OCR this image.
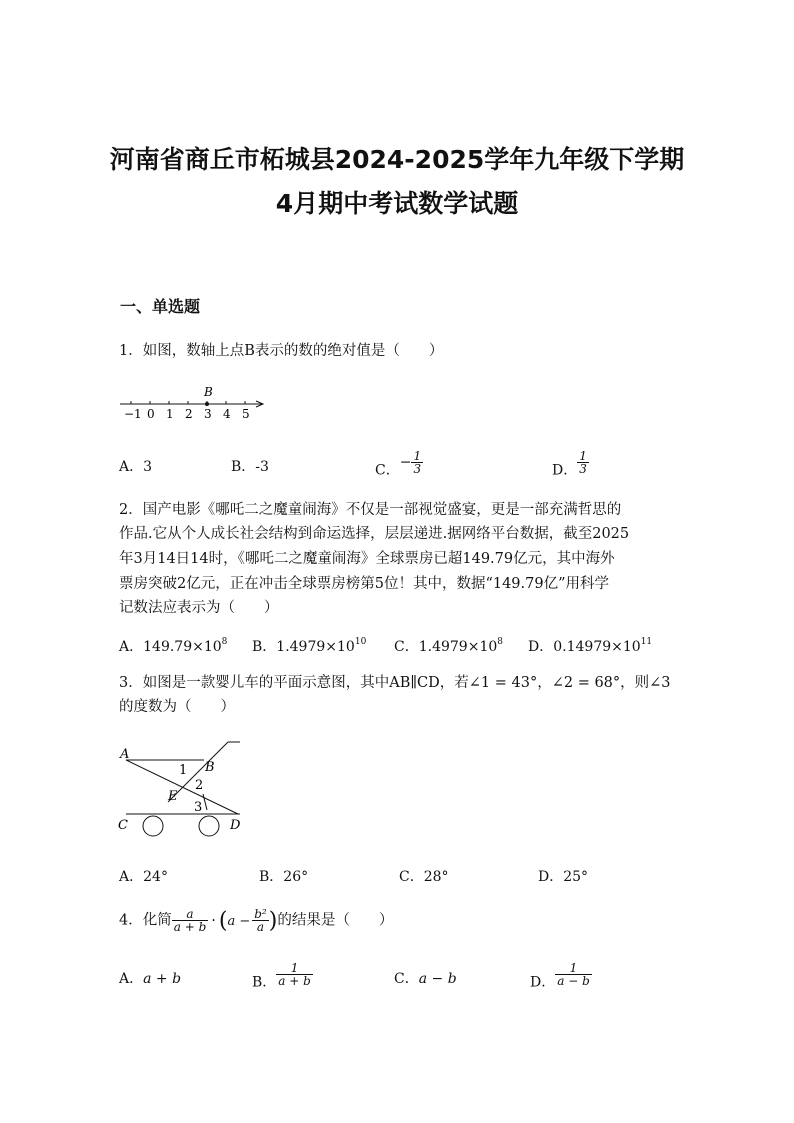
河南省商丘市柘城县2024-2025学年九年级下学期
4月期中考试数学试题
一、单选题
1．如图，数轴上点B表示的数的绝对值是（　　）
B
−1 0 1 2 3 4 5
A．3	B．-3	C．− $\frac{1}{3}$	D． $\frac{1}{3}$
2．国产电影《哪吒二之魔童闹海》不仅是一部视觉盛宴，更是一部充满哲思的
作品.它从个人成长社会结构到命运选择，层层递进.据网络平台数据，截至2025
年3月14日14时，《哪吒二之魔童闹海》全球票房已超149.79亿元，其中海外
票房突破2亿元，正在冲击全球票房榜第5位！其中，数据“149.79亿”用科学
记数法应表示为（　　）
A．$149.79\times 10^8$ B．$1.4979\times 10^{10}$ C．$1.4979\times 10^8$ D．$0.14979\times 10^{11}$
3．如图是一款婴儿车的平面示意图，其中AB∥CD，若∠1 = 43°，∠2 = 68°，则∠3
的度数为（　　）
A
B
C	D
E
1
2
3
A．24°	B．26°	C．28°	D．25°
4．化简 $\frac{a}{a + b} \cdot (a - \frac{\text{b²}}{a}$ )的结果是（　　）
A．a + b	B． $\frac{1}{a + b}$	C．a − b	D． $\frac{1}{a - b}$
